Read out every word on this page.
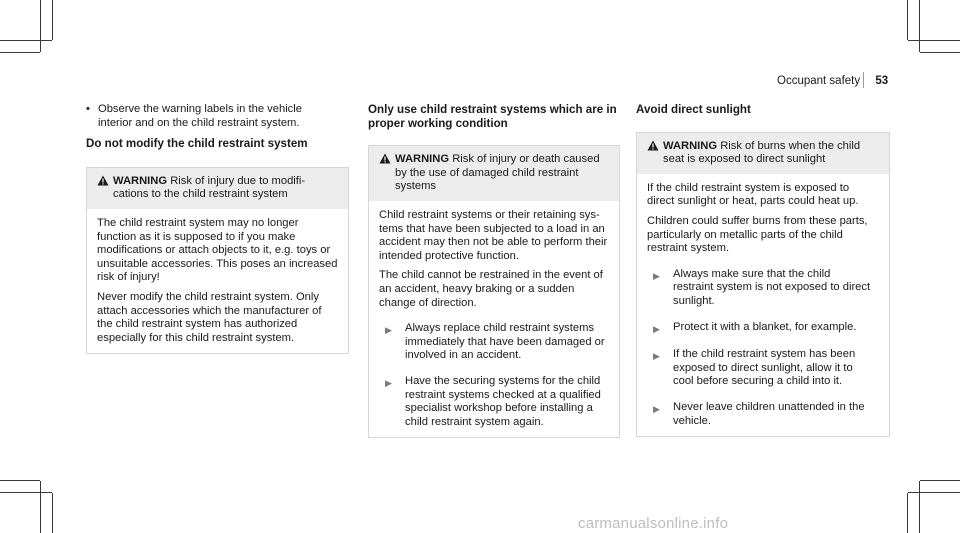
Occupant safety 53
• Observe the warning labels in the vehicle interior and on the child restraint system.

Do not modify the child restraint system

WARNING Risk of injury due to modifi- cations to the child restraint system

The child restraint system may no longer function as it is supposed to if you make modifications or attach objects to it, e.g. toys or unsuitable accessories. This poses an increased risk of injury!

Never modify the child restraint system. Only attach accessories which the manufacturer of the child restraint system has authorized especially for this child restraint system.

Only use child restraint systems which are in proper working condition

WARNING Risk of injury or death caused by the use of damaged child restraint systems

Child restraint systems or their retaining sys- tems that have been subjected to a load in an accident may then not be able to perform their intended protective function.

The child cannot be restrained in the event of an accident, heavy braking or a sudden change of direction.

▶	Always replace child restraint systems immediately that have been damaged or involved in an accident.

▶	Have the securing systems for the child restraint systems checked at a qualified specialist workshop before installing a child restraint system again.

Avoid direct sunlight

WARNING Risk of burns when the child seat is exposed to direct sunlight

If the child restraint system is exposed to direct sunlight or heat, parts could heat up.

Children could suffer burns from these parts, particularly on metallic parts of the child restraint system.

▶	Always make sure that the child restraint system is not exposed to direct sunlight.

▶	Protect it with a blanket, for example.

▶	If the child restraint system has been exposed to direct sunlight, allow it to cool before securing a child into it.

▶	Never leave children unattended in the vehicle.

carmanualsonline.info
